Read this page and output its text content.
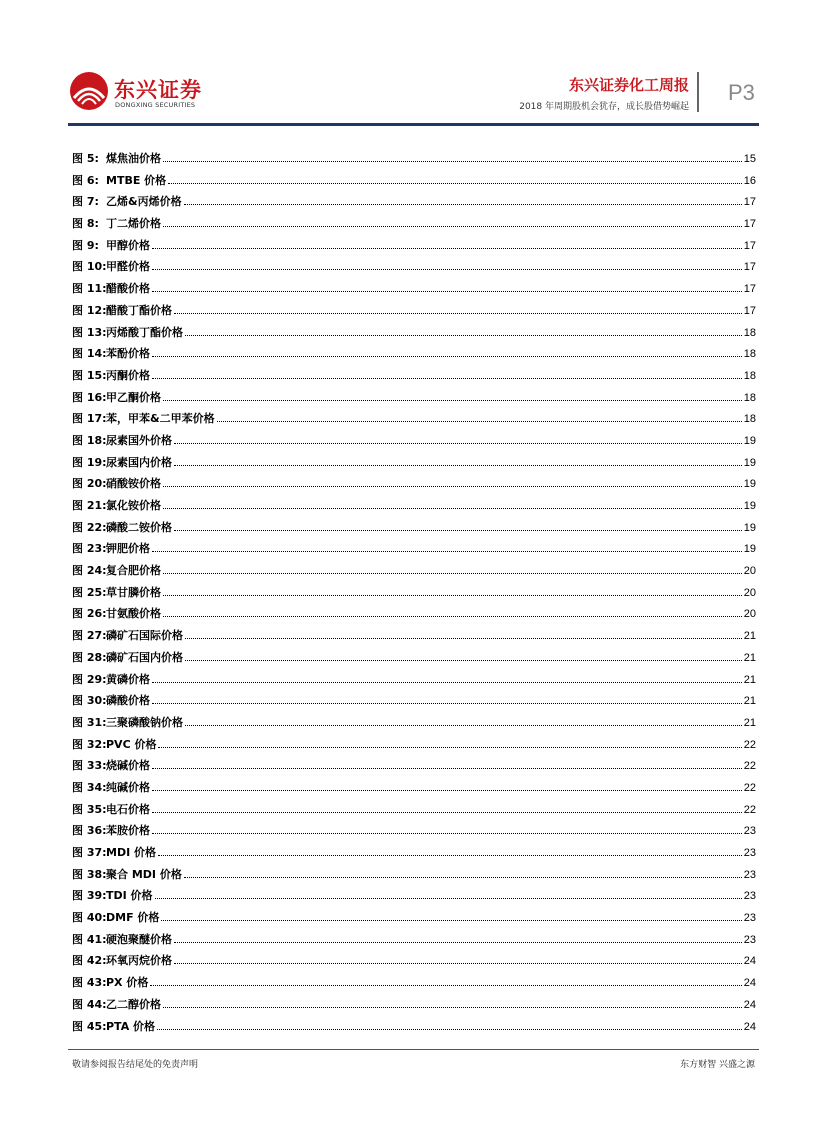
东兴证券
DONGXING SECURITIES
东兴证券化工周报
2018 年周期股机会犹存，成长股借势崛起
P3
图 5: 煤焦油价格	15
图 6: MTBE 价格	16
图 7: 乙烯&丙烯价格	17
图 8: 丁二烯价格	17
图 9: 甲醇价格	17
图 10: 甲醛价格	17
图 11: 醋酸价格	17
图 12: 醋酸丁酯价格	17
图 13: 丙烯酸丁酯价格	18
图 14: 苯酚价格	18
图 15: 丙酮价格	18
图 16: 甲乙酮价格	18
图 17: 苯，甲苯&二甲苯价格	18
图 18: 尿素国外价格	19
图 19: 尿素国内价格	19
图 20: 硝酸铵价格	19
图 21: 氯化铵价格	19
图 22: 磷酸二铵价格	19
图 23: 钾肥价格	19
图 24: 复合肥价格	20
图 25: 草甘膦价格	20
图 26: 甘氨酸价格	20
图 27: 磷矿石国际价格	21
图 28: 磷矿石国内价格	21
图 29: 黄磷价格	21
图 30: 磷酸价格	21
图 31: 三聚磷酸钠价格	21
图 32: PVC 价格	22
图 33: 烧碱价格	22
图 34: 纯碱价格	22
图 35: 电石价格	22
图 36: 苯胺价格	23
图 37: MDI 价格	23
图 38: 聚合 MDI 价格	23
图 39: TDI 价格	23
图 40: DMF 价格	23
图 41: 硬泡聚醚价格	23
图 42: 环氧丙烷价格	24
图 43: PX 价格	24
图 44: 乙二醇价格	24
图 45: PTA 价格	24
敬请参阅报告结尾处的免责声明	东方财智 兴盛之源
